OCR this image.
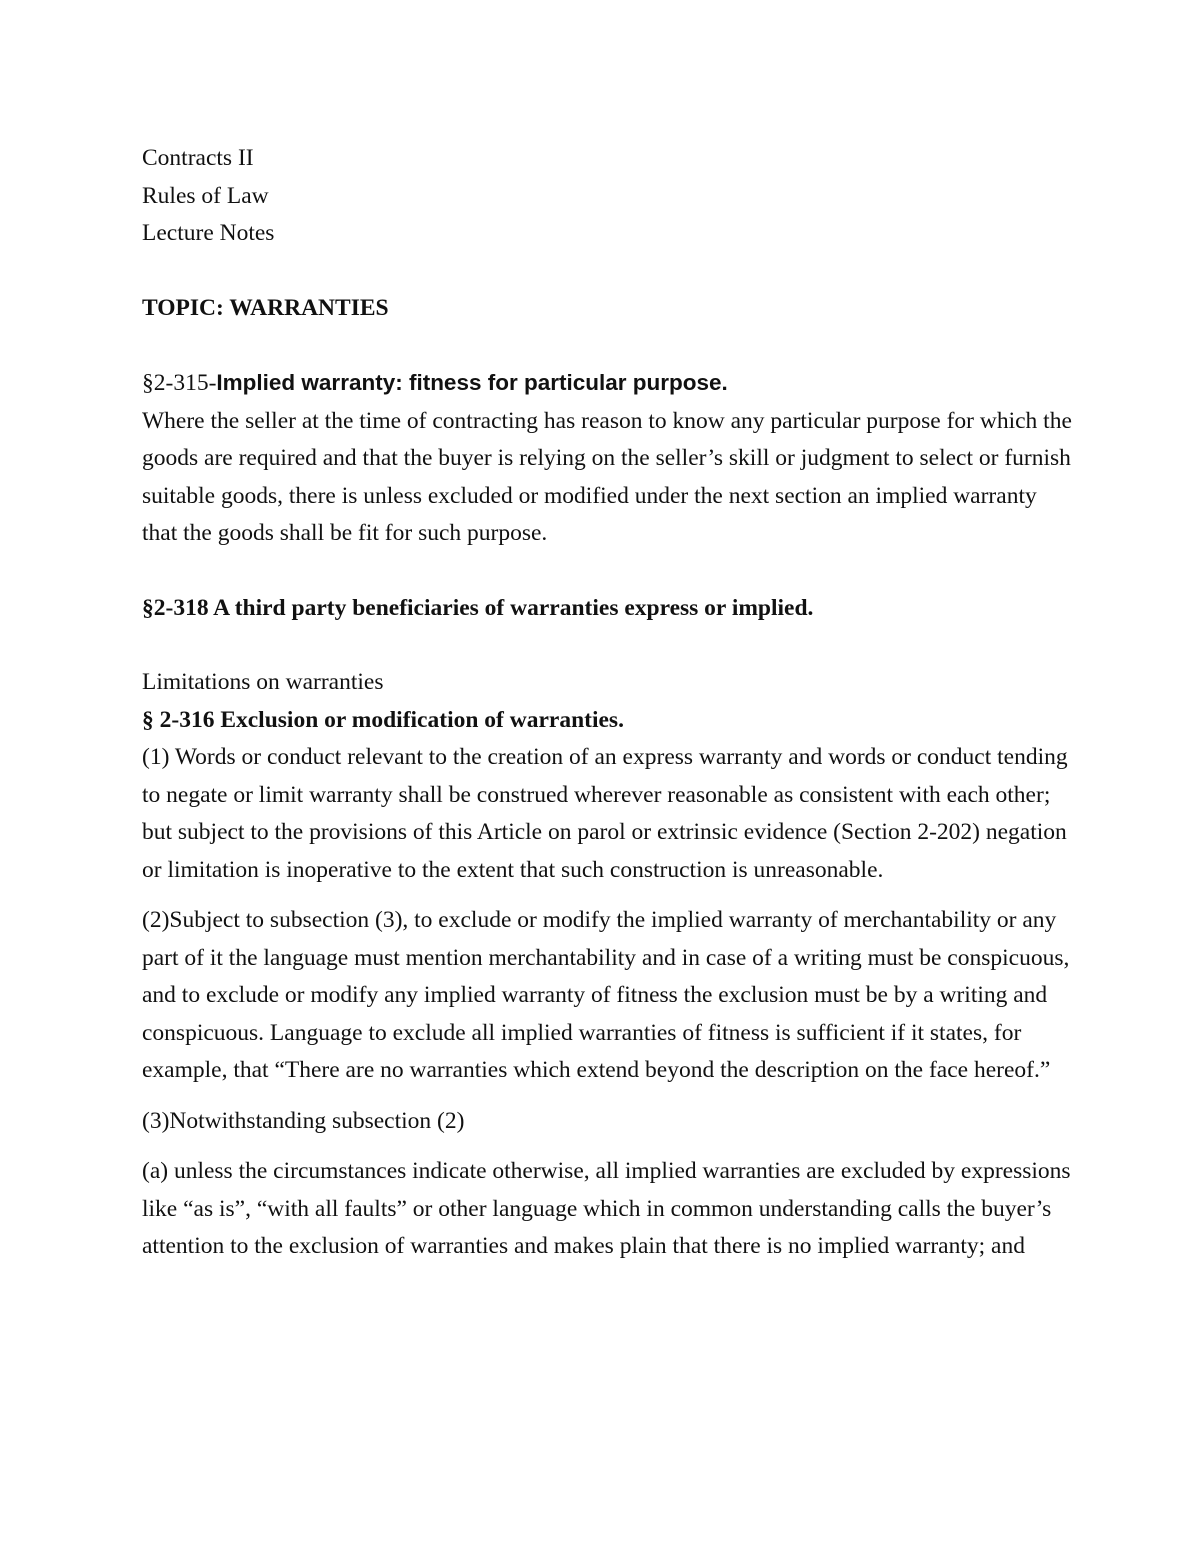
Contracts II
Rules of Law
Lecture Notes
TOPIC: WARRANTIES
§2-315-Implied warranty: fitness for particular purpose.
Where the seller at the time of contracting has reason to know any particular purpose for which the goods are required and that the buyer is relying on the seller’s skill or judgment to select or furnish suitable goods, there is unless excluded or modified under the next section an implied warranty that the goods shall be fit for such purpose.
§2-318 A third party beneficiaries of warranties express or implied.
Limitations on warranties
§ 2-316 Exclusion or modification of warranties.
(1) Words or conduct relevant to the creation of an express warranty and words or conduct tending to negate or limit warranty shall be construed wherever reasonable as consistent with each other; but subject to the provisions of this Article on parol or extrinsic evidence (Section 2-202) negation or limitation is inoperative to the extent that such construction is unreasonable.
(2)Subject to subsection (3), to exclude or modify the implied warranty of merchantability or any part of it the language must mention merchantability and in case of a writing must be conspicuous, and to exclude or modify any implied warranty of fitness the exclusion must be by a writing and conspicuous. Language to exclude all implied warranties of fitness is sufficient if it states, for example, that “There are no warranties which extend beyond the description on the face hereof.”
(3)Notwithstanding subsection (2)
(a) unless the circumstances indicate otherwise, all implied warranties are excluded by expressions like “as is”, “with all faults” or other language which in common understanding calls the buyer’s attention to the exclusion of warranties and makes plain that there is no implied warranty; and
